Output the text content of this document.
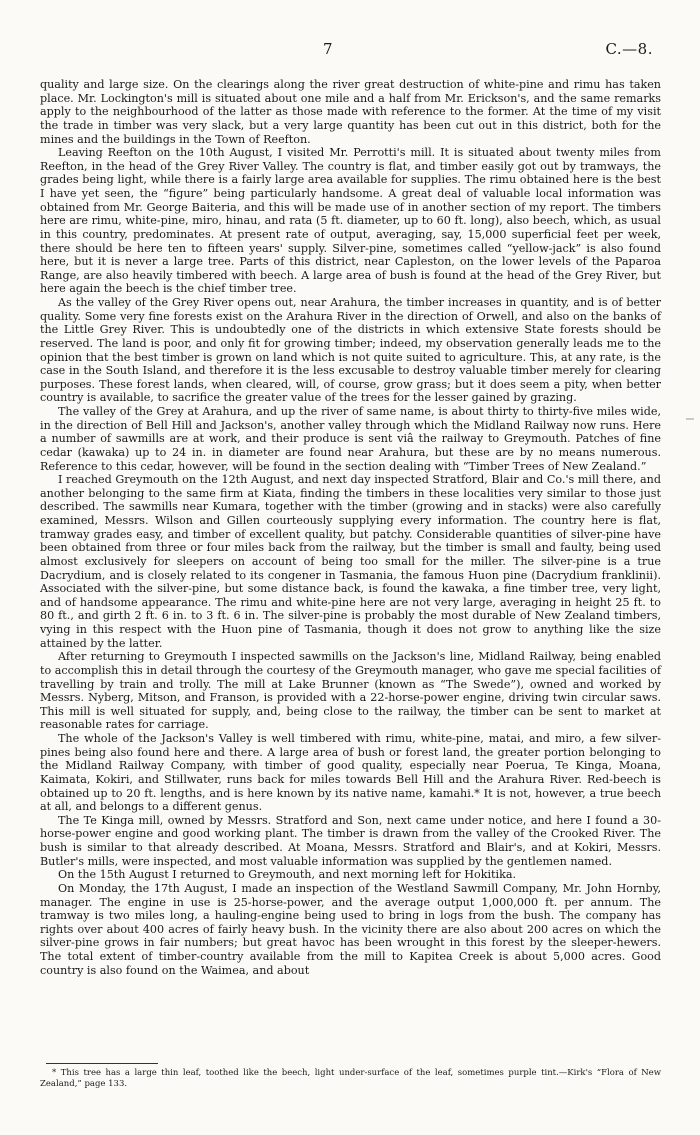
7	C.—8.

quality and large size. On the clearings along the river great destruction of white-pine and rimu has taken place. Mr. Lockington's mill is situated about one mile and a half from Mr. Erickson's, and the same remarks apply to the neighbourhood of the latter as those made with reference to the former. At the time of my visit the trade in timber was very slack, but a very large quantity has been cut out in this district, both for the mines and the buildings in the Town of Reefton.

Leaving Reefton on the 10th August, I visited Mr. Perrotti's mill. It is situated about twenty miles from Reefton, in the head of the Grey River Valley. The country is flat, and timber easily got out by tramways, the grades being light, while there is a fairly large area available for supplies. The rimu obtained here is the best I have yet seen, the “figure” being particularly handsome. A great deal of valuable local information was obtained from Mr. George Baiteria, and this will be made use of in another section of my report. The timbers here are rimu, white-pine, miro, hinau, and rata (5 ft. diameter, up to 60 ft. long), also beech, which, as usual in this country, predominates. At present rate of output, averaging, say, 15,000 superficial feet per week, there should be here ten to fifteen years' supply. Silver-pine, sometimes called “yellow-jack” is also found here, but it is never a large tree. Parts of this district, near Capleston, on the lower levels of the Paparoa Range, are also heavily timbered with beech. A large area of bush is found at the head of the Grey River, but here again the beech is the chief timber tree.

As the valley of the Grey River opens out, near Arahura, the timber increases in quantity, and is of better quality. Some very fine forests exist on the Arahura River in the direction of Orwell, and also on the banks of the Little Grey River. This is undoubtedly one of the districts in which extensive State forests should be reserved. The land is poor, and only fit for growing timber; indeed, my observation generally leads me to the opinion that the best timber is grown on land which is not quite suited to agriculture. This, at any rate, is the case in the South Island, and therefore it is the less excusable to destroy valuable timber merely for clearing purposes. These forest lands, when cleared, will, of course, grow grass; but it does seem a pity, when better country is available, to sacrifice the greater value of the trees for the lesser gained by grazing.

The valley of the Grey at Arahura, and up the river of same name, is about thirty to thirty-five miles wide, in the direction of Bell Hill and Jackson's, another valley through which the Midland Railway now runs. Here a number of sawmills are at work, and their produce is sent viâ the railway to Greymouth. Patches of fine cedar (kawaka) up to 24 in. in diameter are found near Arahura, but these are by no means numerous. Reference to this cedar, however, will be found in the section dealing with “Timber Trees of New Zealand.”

I reached Greymouth on the 12th August, and next day inspected Stratford, Blair and Co.'s mill there, and another belonging to the same firm at Kiata, finding the timbers in these localities very similar to those just described. The sawmills near Kumara, together with the timber (growing and in stacks) were also carefully examined, Messrs. Wilson and Gillen courteously supplying every information. The country here is flat, tramway grades easy, and timber of excellent quality, but patchy. Considerable quantities of silver-pine have been obtained from three or four miles back from the railway, but the timber is small and faulty, being used almost exclusively for sleepers on account of being too small for the miller. The silver-pine is a true Dacrydium, and is closely related to its congener in Tasmania, the famous Huon pine (Dacrydium franklinii). Associated with the silver-pine, but some distance back, is found the kawaka, a fine timber tree, very light, and of handsome appearance. The rimu and white-pine here are not very large, averaging in height 25 ft. to 80 ft., and girth 2 ft. 6 in. to 3 ft. 6 in. The silver-pine is probably the most durable of New Zealand timbers, vying in this respect with the Huon pine of Tasmania, though it does not grow to anything like the size attained by the latter.

After returning to Greymouth I inspected sawmills on the Jackson's line, Midland Railway, being enabled to accomplish this in detail through the courtesy of the Greymouth manager, who gave me special facilities of travelling by train and trolly. The mill at Lake Brunner (known as “The Swede”), owned and worked by Messrs. Nyberg, Mitson, and Franson, is provided with a 22-horse-power engine, driving twin circular saws. This mill is well situated for supply, and, being close to the railway, the timber can be sent to market at reasonable rates for carriage.

The whole of the Jackson's Valley is well timbered with rimu, white-pine, matai, and miro, a few silver-pines being also found here and there. A large area of bush or forest land, the greater portion belonging to the Midland Railway Company, with timber of good quality, especially near Poerua, Te Kinga, Moana, Kaimata, Kokiri, and Stillwater, runs back for miles towards Bell Hill and the Arahura River. Red-beech is obtained up to 20 ft. lengths, and is here known by its native name, kamahi.* It is not, however, a true beech at all, and belongs to a different genus.

The Te Kinga mill, owned by Messrs. Stratford and Son, next came under notice, and here I found a 30-horse-power engine and good working plant. The timber is drawn from the valley of the Crooked River. The bush is similar to that already described. At Moana, Messrs. Stratford and Blair's, and at Kokiri, Messrs. Butler's mills, were inspected, and most valuable information was supplied by the gentlemen named.

On the 15th August I returned to Greymouth, and next morning left for Hokitika.

On Monday, the 17th August, I made an inspection of the Westland Sawmill Company, Mr. John Hornby, manager. The engine in use is 25-horse-power, and the average output 1,000,000 ft. per annum. The tramway is two miles long, a hauling-engine being used to bring in logs from the bush. The company has rights over about 400 acres of fairly heavy bush. In the vicinity there are also about 200 acres on which the silver-pine grows in fair numbers; but great havoc has been wrought in this forest by the sleeper-hewers. The total extent of timber-country available from the mill to Kapitea Creek is about 5,000 acres. Good country is also found on the Waimea, and about

* This tree has a large thin leaf, toothed like the beech, light under-surface of the leaf, sometimes purple tint.—Kirk's “Flora of New Zealand,” page 133.
